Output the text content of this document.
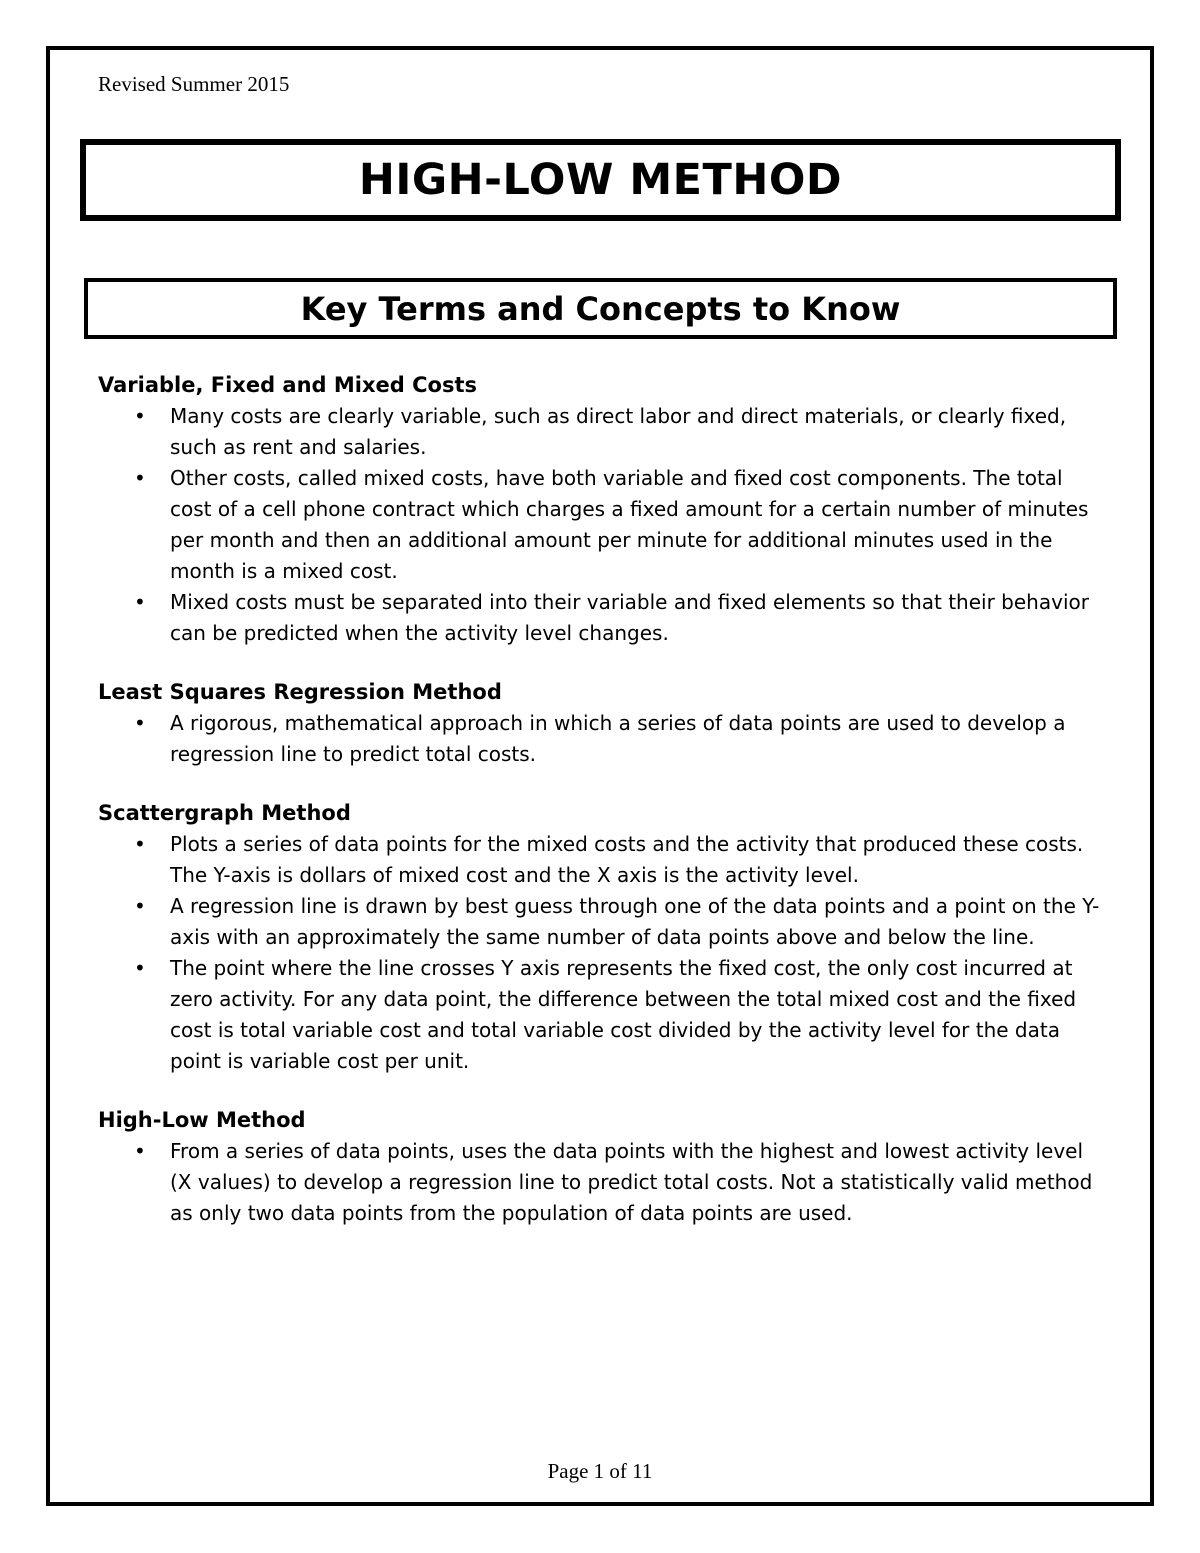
Revised Summer 2015
HIGH-LOW METHOD
Key Terms and Concepts to Know
Variable, Fixed and Mixed Costs
• Many costs are clearly variable, such as direct labor and direct materials, or clearly fixed, such as rent and salaries.
• Other costs, called mixed costs, have both variable and fixed cost components. The total cost of a cell phone contract which charges a fixed amount for a certain number of minutes per month and then an additional amount per minute for additional minutes used in the month is a mixed cost.
• Mixed costs must be separated into their variable and fixed elements so that their behavior can be predicted when the activity level changes.
Least Squares Regression Method
• A rigorous, mathematical approach in which a series of data points are used to develop a regression line to predict total costs.
Scattergraph Method
• Plots a series of data points for the mixed costs and the activity that produced these costs. The Y-axis is dollars of mixed cost and the X axis is the activity level.
• A regression line is drawn by best guess through one of the data points and a point on the Y-axis with an approximately the same number of data points above and below the line.
• The point where the line crosses Y axis represents the fixed cost, the only cost incurred at zero activity. For any data point, the difference between the total mixed cost and the fixed cost is total variable cost and total variable cost divided by the activity level for the data point is variable cost per unit.
High-Low Method
• From a series of data points, uses the data points with the highest and lowest activity level (X values) to develop a regression line to predict total costs. Not a statistically valid method as only two data points from the population of data points are used.
Page 1 of 11
